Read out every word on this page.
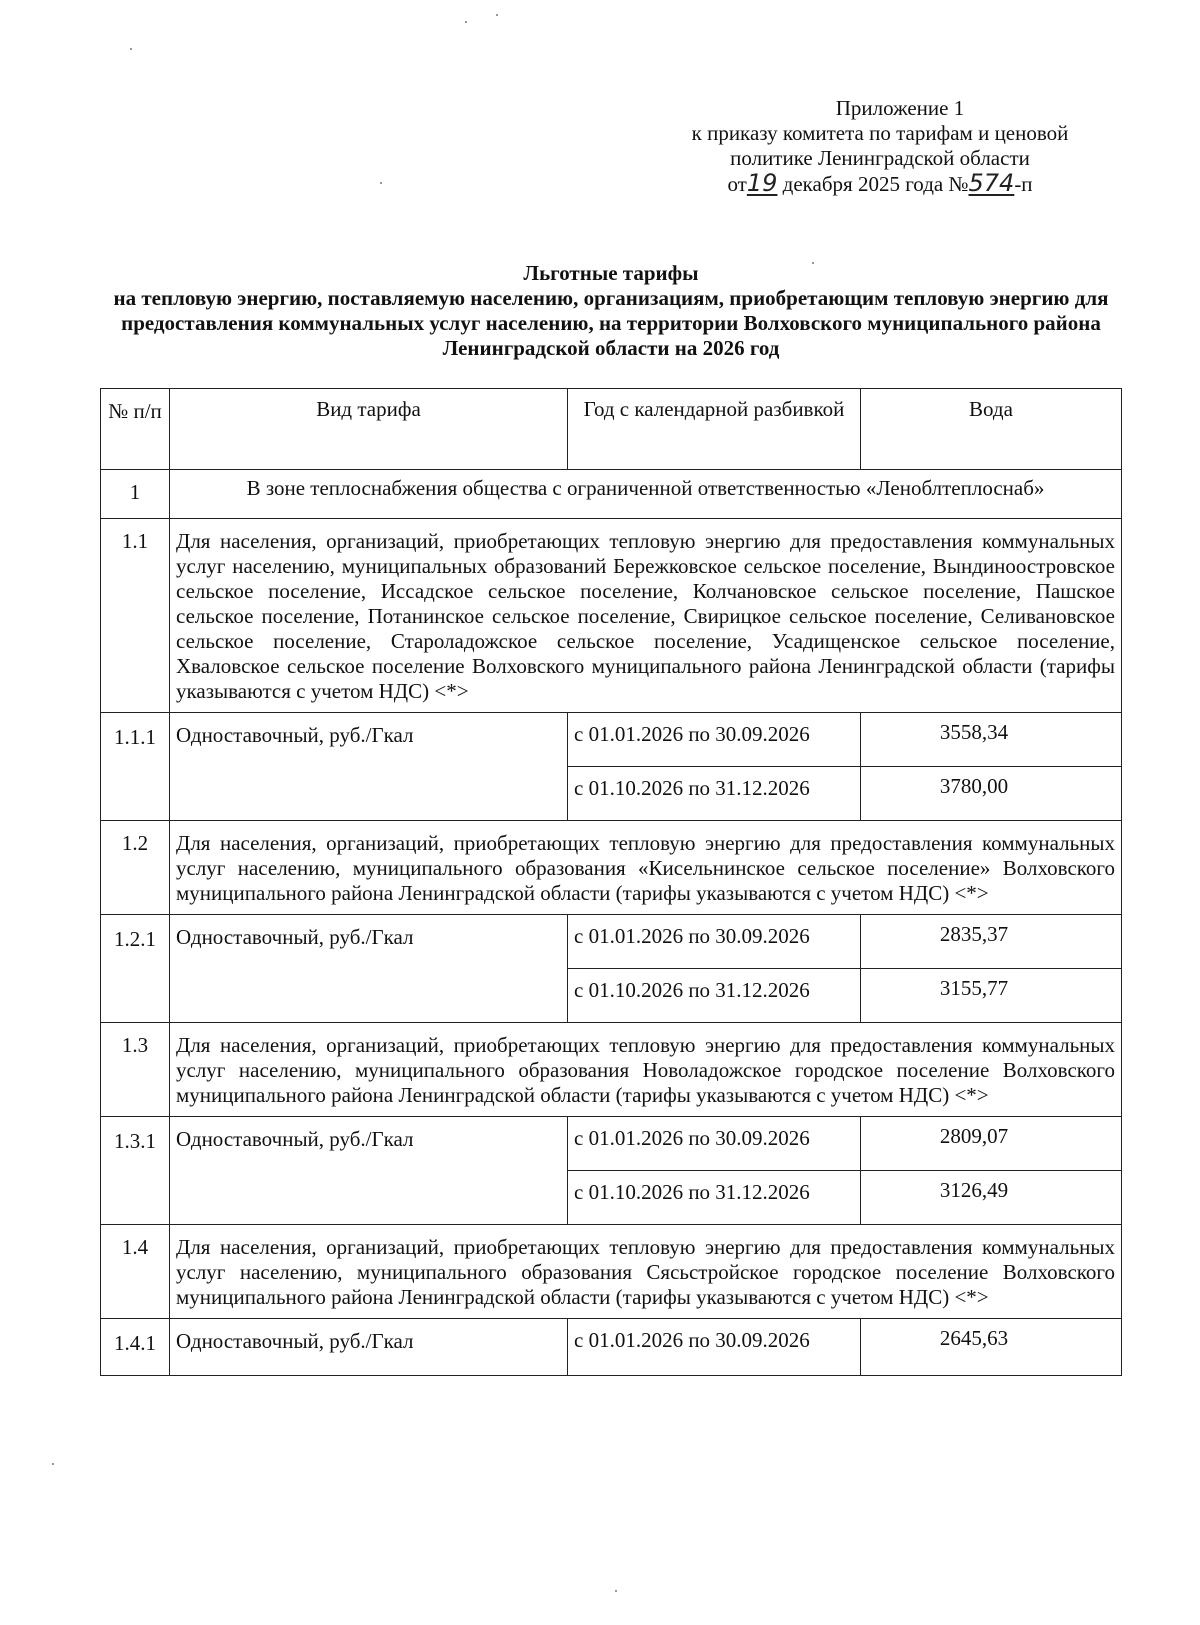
Приложение 1
к приказу комитета по тарифам и ценовой
политике Ленинградской области
от19 декабря 2025 года №574-п
Льготные тарифы
на тепловую энергию, поставляемую населению, организациям, приобретающим тепловую энергию для предоставления коммунальных услуг населению, на территории Волховского муниципального района Ленинградской области на 2026 год
№ п/п	Вид тарифа	Год с календарной разбивкой	Вода
1	В зоне теплоснабжения общества с ограниченной ответственностью «Леноблтеплоснаб»		
1.1	Для населения, организаций, приобретающих тепловую энергию для предоставления коммунальных услуг населению, муниципальных образований Бережковское сельское поселение, Вындиноостровское сельское поселение, Иссадское сельское поселение, Колчановское сельское поселение, Пашское сельское поселение, Потанинское сельское поселение, Свирицкое сельское поселение, Селивановское сельское поселение, Староладожское сельское поселение, Усадищенское сельское поселение, Хваловское сельское поселение Волховского муниципального района Ленинградской области (тарифы указываются с учетом НДС) <*>		
1.1.1	Одноставочный, руб./Гкал	с 01.01.2026 по 30.09.2026	3558,34
		с 01.10.2026 по 31.12.2026	3780,00
1.2	Для населения, организаций, приобретающих тепловую энергию для предоставления коммунальных услуг населению, муниципального образования «Кисельнинское сельское поселение» Волховского муниципального района Ленинградской области (тарифы указываются с учетом НДС) <*>		
1.2.1	Одноставочный, руб./Гкал	с 01.01.2026 по 30.09.2026	2835,37
		с 01.10.2026 по 31.12.2026	3155,77
1.3	Для населения, организаций, приобретающих тепловую энергию для предоставления коммунальных услуг населению, муниципального образования Новоладожское городское поселение Волховского муниципального района Ленинградской области (тарифы указываются с учетом НДС) <*>		
1.3.1	Одноставочный, руб./Гкал	с 01.01.2026 по 30.09.2026	2809,07
		с 01.10.2026 по 31.12.2026	3126,49
1.4	Для населения, организаций, приобретающих тепловую энергию для предоставления коммунальных услуг населению, муниципального образования Сясьстройское городское поселение Волховского муниципального района Ленинградской области (тарифы указываются с учетом НДС) <*>		
1.4.1	Одноставочный, руб./Гкал	с 01.01.2026 по 30.09.2026	2645,63
